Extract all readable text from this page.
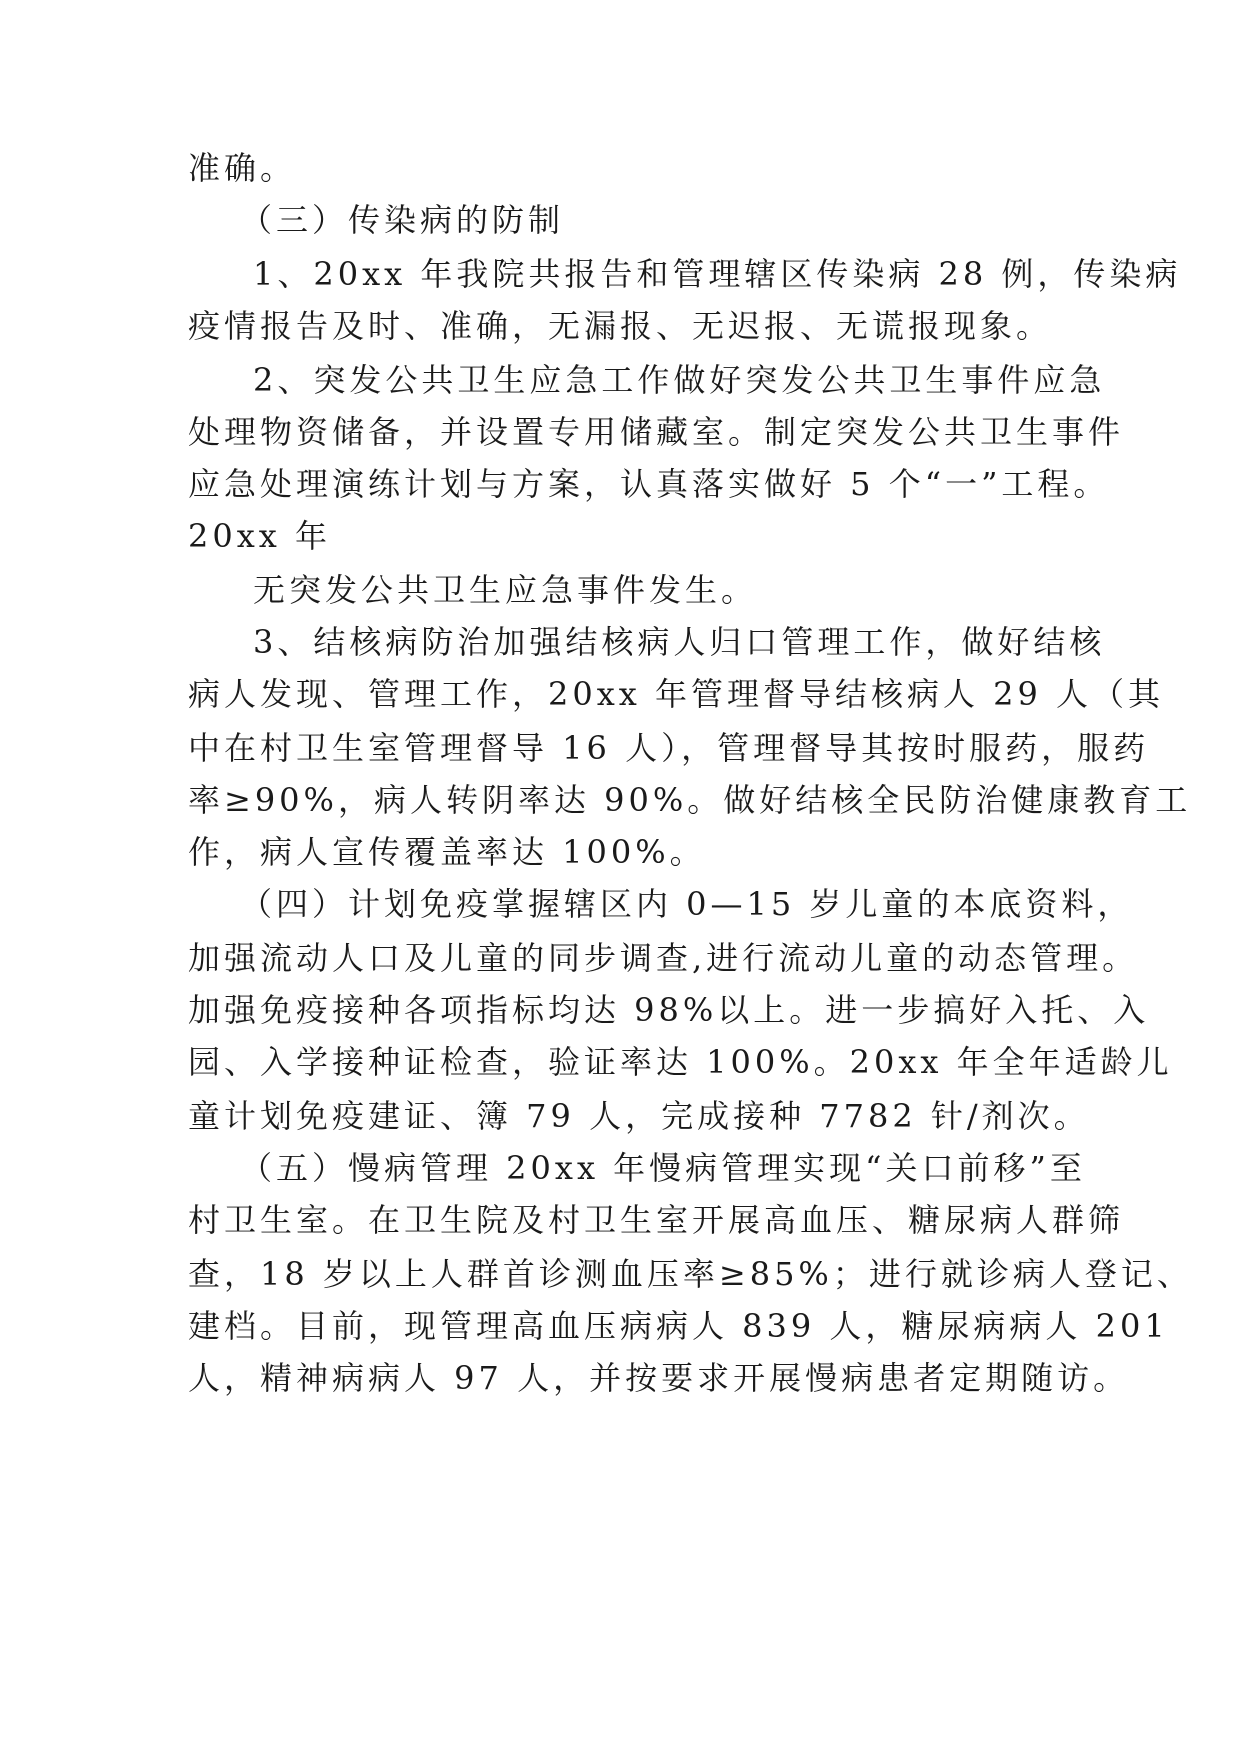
准确。
（三）传染病的防制
1、20xx 年我院共报告和管理辖区传染病 28 例，传染病
疫情报告及时、准确，无漏报、无迟报、无谎报现象。
2、突发公共卫生应急工作做好突发公共卫生事件应急
处理物资储备，并设置专用储藏室。制定突发公共卫生事件
应急处理演练计划与方案，认真落实做好 5 个“一”工程。
20xx 年
无突发公共卫生应急事件发生。
3、结核病防治加强结核病人归口管理工作，做好结核
病人发现、管理工作，20xx 年管理督导结核病人 29 人（其
中在村卫生室管理督导 16 人），管理督导其按时服药，服药
率≥90%，病人转阴率达 90%。做好结核全民防治健康教育工
作，病人宣传覆盖率达 100%。
（四）计划免疫掌握辖区内 0—15 岁儿童的本底资料，
加强流动人口及儿童的同步调查,进行流动儿童的动态管理。
加强免疫接种各项指标均达 98%以上。进一步搞好入托、入
园、入学接种证检查，验证率达 100%。20xx 年全年适龄儿
童计划免疫建证、簿 79 人，完成接种 7782 针/剂次。
（五）慢病管理 20xx 年慢病管理实现“关口前移”至
村卫生室。在卫生院及村卫生室开展高血压、糖尿病人群筛
查，18 岁以上人群首诊测血压率≥85%；进行就诊病人登记、
建档。目前，现管理高血压病病人 839 人，糖尿病病人 201
人，精神病病人 97 人，并按要求开展慢病患者定期随访。
